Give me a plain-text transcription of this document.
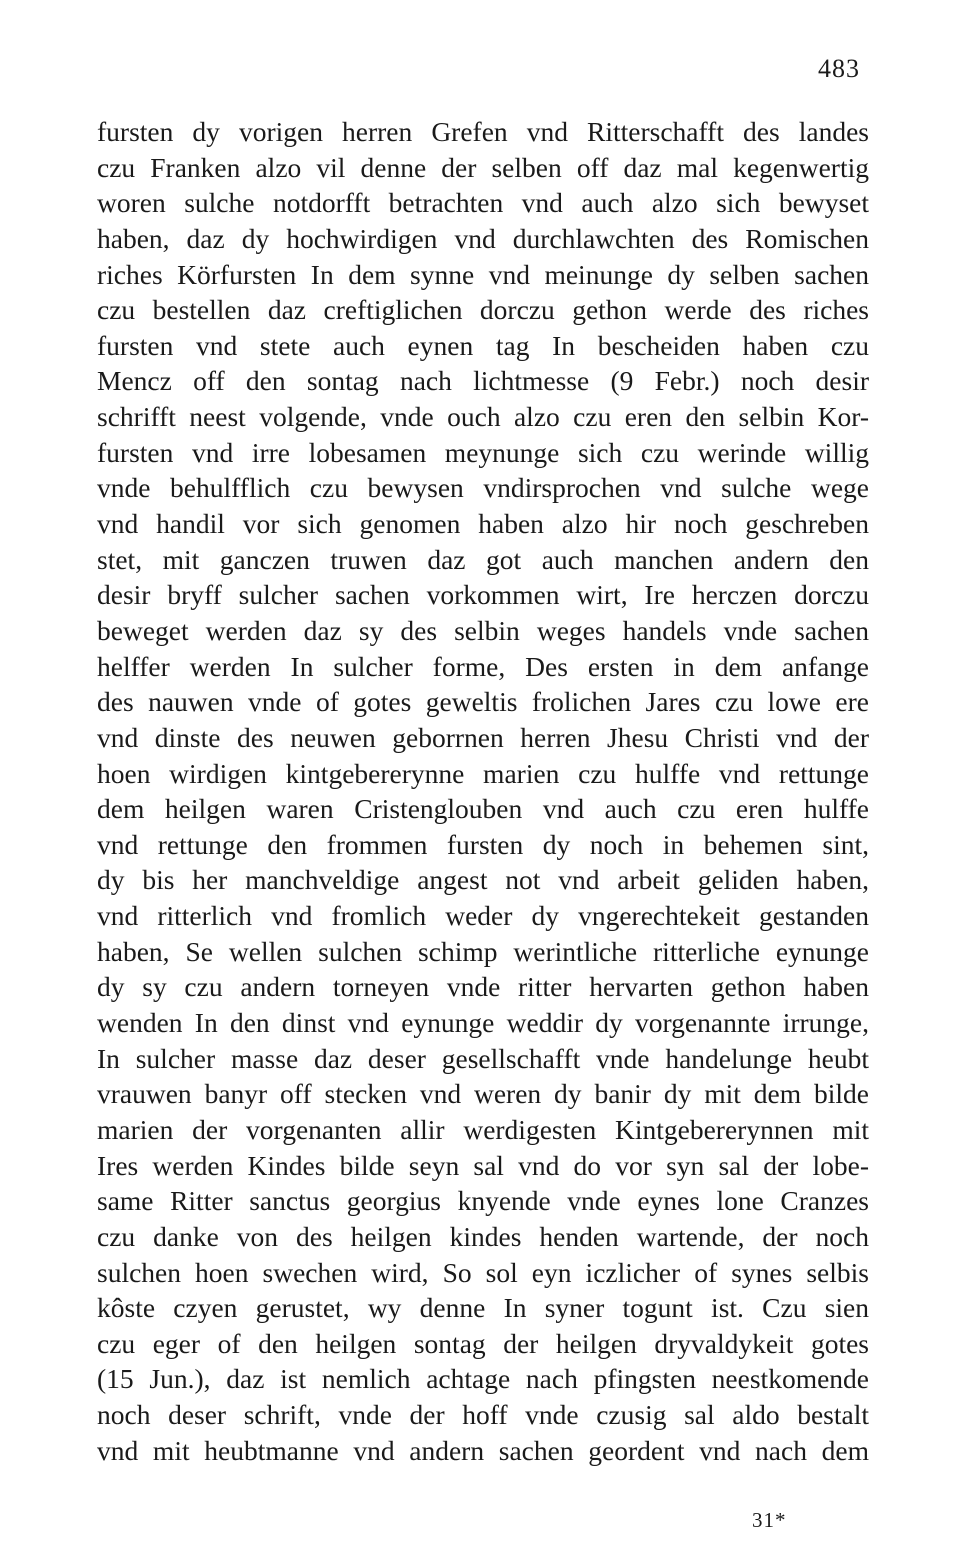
483
fursten dy vorigen herren Grefen vnd Ritterschafft des landes
czu Franken alzo vil denne der selben off daz mal kegenwertig
woren sulche notdorfft betrachten vnd auch alzo sich bewyset
haben, daz dy hochwirdigen vnd durchlawchten des Romischen
riches Körfursten In dem synne vnd meinunge dy selben sachen
czu bestellen daz creftiglichen dorczu gethon werde des riches
fursten vnd stete auch eynen tag In bescheiden haben czu
Mencz off den sontag nach lichtmesse (9 Febr.) noch desir
schrifft neest volgende, vnde ouch alzo czu eren den selbin Kor-
fursten vnd irre lobesamen meynunge sich czu werinde willig
vnde behulfflich czu bewysen vndirsprochen vnd sulche wege
vnd handil vor sich genomen haben alzo hir noch geschreben
stet, mit ganczen truwen daz got auch manchen andern den
desir bryff sulcher sachen vorkommen wirt, Ire herczen dorczu
beweget werden daz sy des selbin weges handels vnde sachen
helffer werden In sulcher forme, Des ersten in dem anfange
des nauwen vnde of gotes geweltis frolichen Jares czu lowe ere
vnd dinste des neuwen geborrnen herren Jhesu Christi vnd der
hoen wirdigen kintgebererynne marien czu hulffe vnd rettunge
dem heilgen waren Cristenglouben vnd auch czu eren hulffe
vnd rettunge den frommen fursten dy noch in behemen sint,
dy bis her manchveldige angest not vnd arbeit geliden haben,
vnd ritterlich vnd fromlich weder dy vngerechtekeit gestanden
haben, Se wellen sulchen schimp werintliche ritterliche eynunge
dy sy czu andern torneyen vnde ritter hervarten gethon haben
wenden In den dinst vnd eynunge weddir dy vorgenannte irrunge,
In sulcher masse daz deser gesellschafft vnde handelunge heubt
vrauwen banyr off stecken vnd weren dy banir dy mit dem bilde
marien der vorgenanten allir werdigesten Kintgebererynnen mit
Ires werden Kindes bilde seyn sal vnd do vor syn sal der lobe-
same Ritter sanctus georgius knyende vnde eynes lone Cranzes
czu danke von des heilgen kindes henden wartende, der noch
sulchen hoen swechen wird, So sol eyn iczlicher of synes selbis
kôste czyen gerustet, wy denne In syner togunt ist. Czu sien
czu eger of den heilgen sontag der heilgen dryvaldykeit gotes
(15 Jun.), daz ist nemlich achtage nach pfingsten neestkomende
noch deser schrift, vnde der hoff vnde czusig sal aldo bestalt
vnd mit heubtmanne vnd andern sachen geordent vnd nach dem
31*
